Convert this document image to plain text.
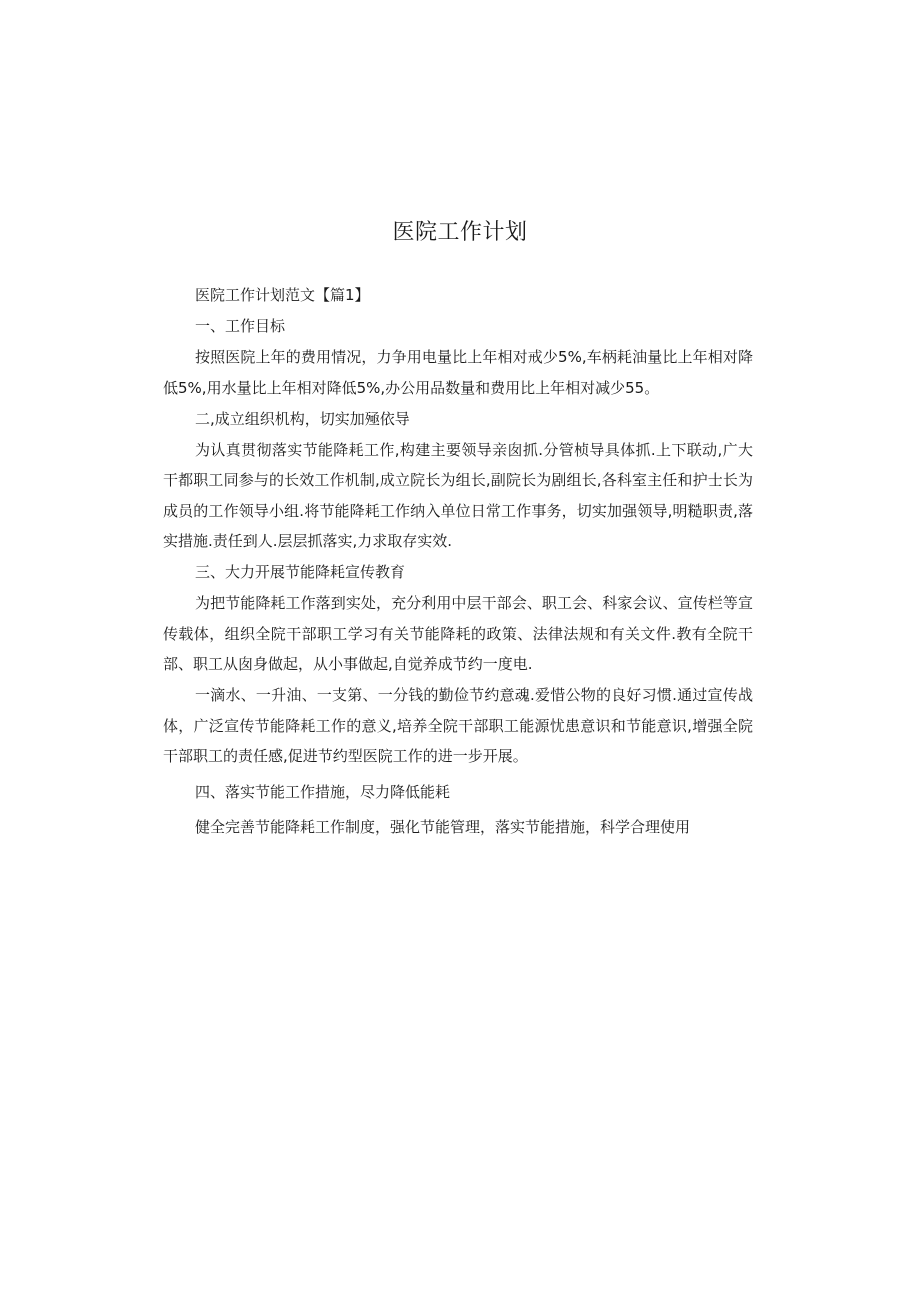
医院工作计划

医院工作计划范文【篇1】

一、工作目标

按照医院上年的费用情况，力争用电量比上年相对戒少5%,车柄耗油量比上年相对降低5%,用水量比上年相对降低5%,办公用品数量和费用比上年相对减少55。

二,成立组织机构，切实加殛依导

为认真贯彻落实节能降耗工作,构建主要领导亲囱抓.分管桢导具体抓.上下联动,广大干都职工同参与的长效工作机制,成立院长为组长,副院长为剧组长,各科室主任和护士长为成员的工作领导小组.将节能降耗工作纳入单位日常工作事务，切实加强领导,明糙职责,落实措施.责任到人.层层抓落实,力求取存实效.

三、大力开展节能降耗宣传教育

为把节能降耗工作落到实处，充分利用中层干部会、职工会、科家会议、宣传栏等宣传载体，组织全院干部职工学习有关节能降耗的政策、法律法规和有关文件.教有全院干部、职工从囱身做起，从小事做起,自觉养成节约一度电.

一滴水、一升油、一支第、一分钱的勤俭节约意魂.爱惜公物的良好习惯.通过宣传战体，广泛宣传节能降耗工作的意义,培养全院干部职工能源忧患意识和节能意识,增强全院干部职工的责任感,促进节约型医院工作的进一步开展。

四、落实节能工作措施，尽力降低能耗

健全完善节能降耗工作制度，强化节能管理，落实节能措施，科学合理使用
